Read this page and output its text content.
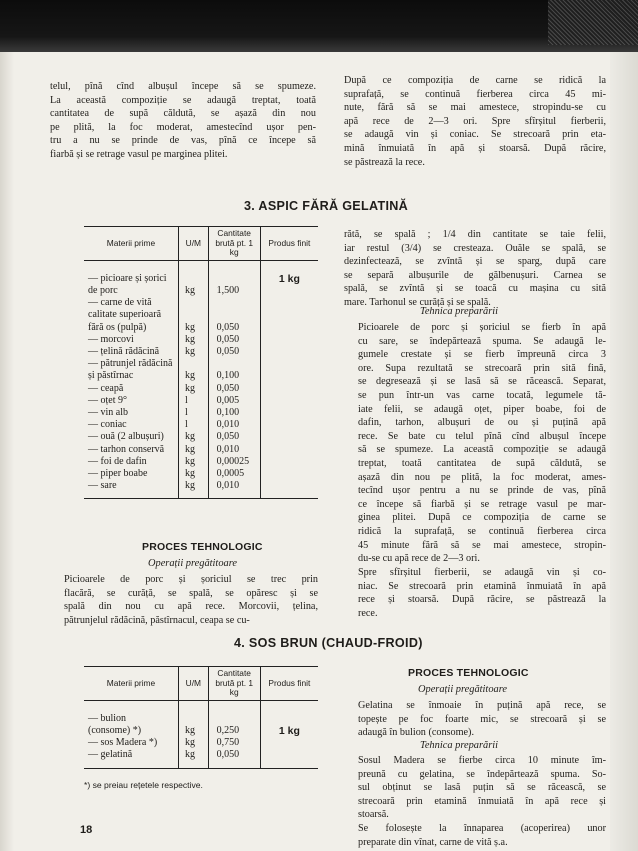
telul, pînă cînd albușul începe să se spumeze.
La această compoziție se adaugă treptat, toată
cantitatea de supă căldută, se așază din nou
pe plită, la foc moderat, amestecînd ușor pen-
tru a nu se prinde de vas, pînă ce începe să
fiarbă și se retrage vasul pe marginea plitei.
După ce compoziția de carne se ridică la
suprafață, se continuă fierberea circa 45 mi-
nute, fără să se mai amestece, stropindu-se cu
apă rece de 2—3 ori. Spre sfîrșitul fierberii,
se adaugă vin și coniac. Se strecoară prin eta-
mină înmuiată în apă și stoarsă. După răcire,
se păstrează la rece.
3. ASPIC FĂRĂ GELATINĂ
Materii prime	U/M	Cantitate brută pt. 1 kg	Produs finit

— picioare și șorici			1 kg
de porc	kg	1,500	
— carne de vită			
calitate superioară			
fără os (pulpă)	kg	0,050	
— morcovi	kg	0,050	
— țelină rădăcină	kg	0,050	
— pătrunjel rădăcină			
și păstîrnac	kg	0,100	
— ceapă	kg	0,050	
— oțet 9°	l	0,005	
— vin alb	l	0,100	
— coniac	l	0,010	
— ouă (2 albușuri)	kg	0,050	
— tarhon conservă	kg	0,010	
— foi de dafin	kg	0,00025	
— piper boabe	kg	0,0005	
— sare	kg	0,010	

PROCES TEHNOLOGIC
Operații pregătitoare
Picioarele de porc și șoriciul se trec prin
flacără, se curăță, se spală, se opăresc și se
spală din nou cu apă rece. Morcovii, țelina,
pătrunjelul rădăcină, păstîrnacul, ceapa se cu-
rătă, se spală ; 1/4 din cantitate se taie felii,
iar restul (3/4) se cresteaza. Ouăle se spală, se
dezinfectează, se zvîntă și se sparg, după care
se separă albușurile de gălbenușuri. Carnea se
spală, se zvîntă și se toacă cu mașina cu sită
mare. Tarhonul se curăță și se spală.
Tehnica preparării
Picioarele de porc și șoriciul se fierb în apă
cu sare, se îndepărtează spuma. Se adaugă le-
gumele crestate și se fierb împreună circa 3
ore. Supa rezultată se strecoară prin sită fină,
se degresează și se lasă să se răcească. Separat,
se pun într-un vas carne tocată, legumele tă-
iate felii, se adaugă oțet, piper boabe, foi de
dafin, tarhon, albușuri de ou și puțină apă
rece. Se bate cu telul pînă cînd albușul începe
să se spumeze. La această compoziție se adaugă
treptat, toată cantitatea de supă căldută, se
așază din nou pe plită, la foc moderat, ames-
tecînd ușor pentru a nu se prinde de vas, pînă
ce începe să fiarbă și se retrage vasul pe mar-
ginea plitei. După ce compoziția de carne se
ridică la suprafață, se continuă fierberea circa
45 minute fără să se mai amestece, stropin-
du-se cu apă rece de 2—3 ori.
Spre sfîrșitul fierberii, se adaugă vin și co-
niac. Se strecoară prin etamină înmuiată în apă
rece și stoarsă. După răcire, se păstrează la
rece.
4. SOS BRUN (CHAUD-FROID)
Materii prime	U/M	Cantitate brută pt. 1 kg	Produs finit

— bulion			
(consome) *)	kg	0,250	1 kg
— sos Madera *)	kg	0,750	
— gelatină	kg	0,050	

*) se preiau rețetele respective.
PROCES TEHNOLOGIC
Operații pregătitoare
Gelatina se înmoaie în puțină apă rece, se
topește pe foc foarte mic, se strecoară și se
adaugă în bulion (consome).
Tehnica preparării
Sosul Madera se fierbe circa 10 minute îm-
preună cu gelatina, se îndepărtează spuma. So-
sul obținut se lasă puțin să se răcească, se
strecoară prin etamină înmuiată în apă rece și
stoarsă.
Se folosește la înnaparea (acoperirea) unor
preparate din vînat, carne de vită ș.a.
18
